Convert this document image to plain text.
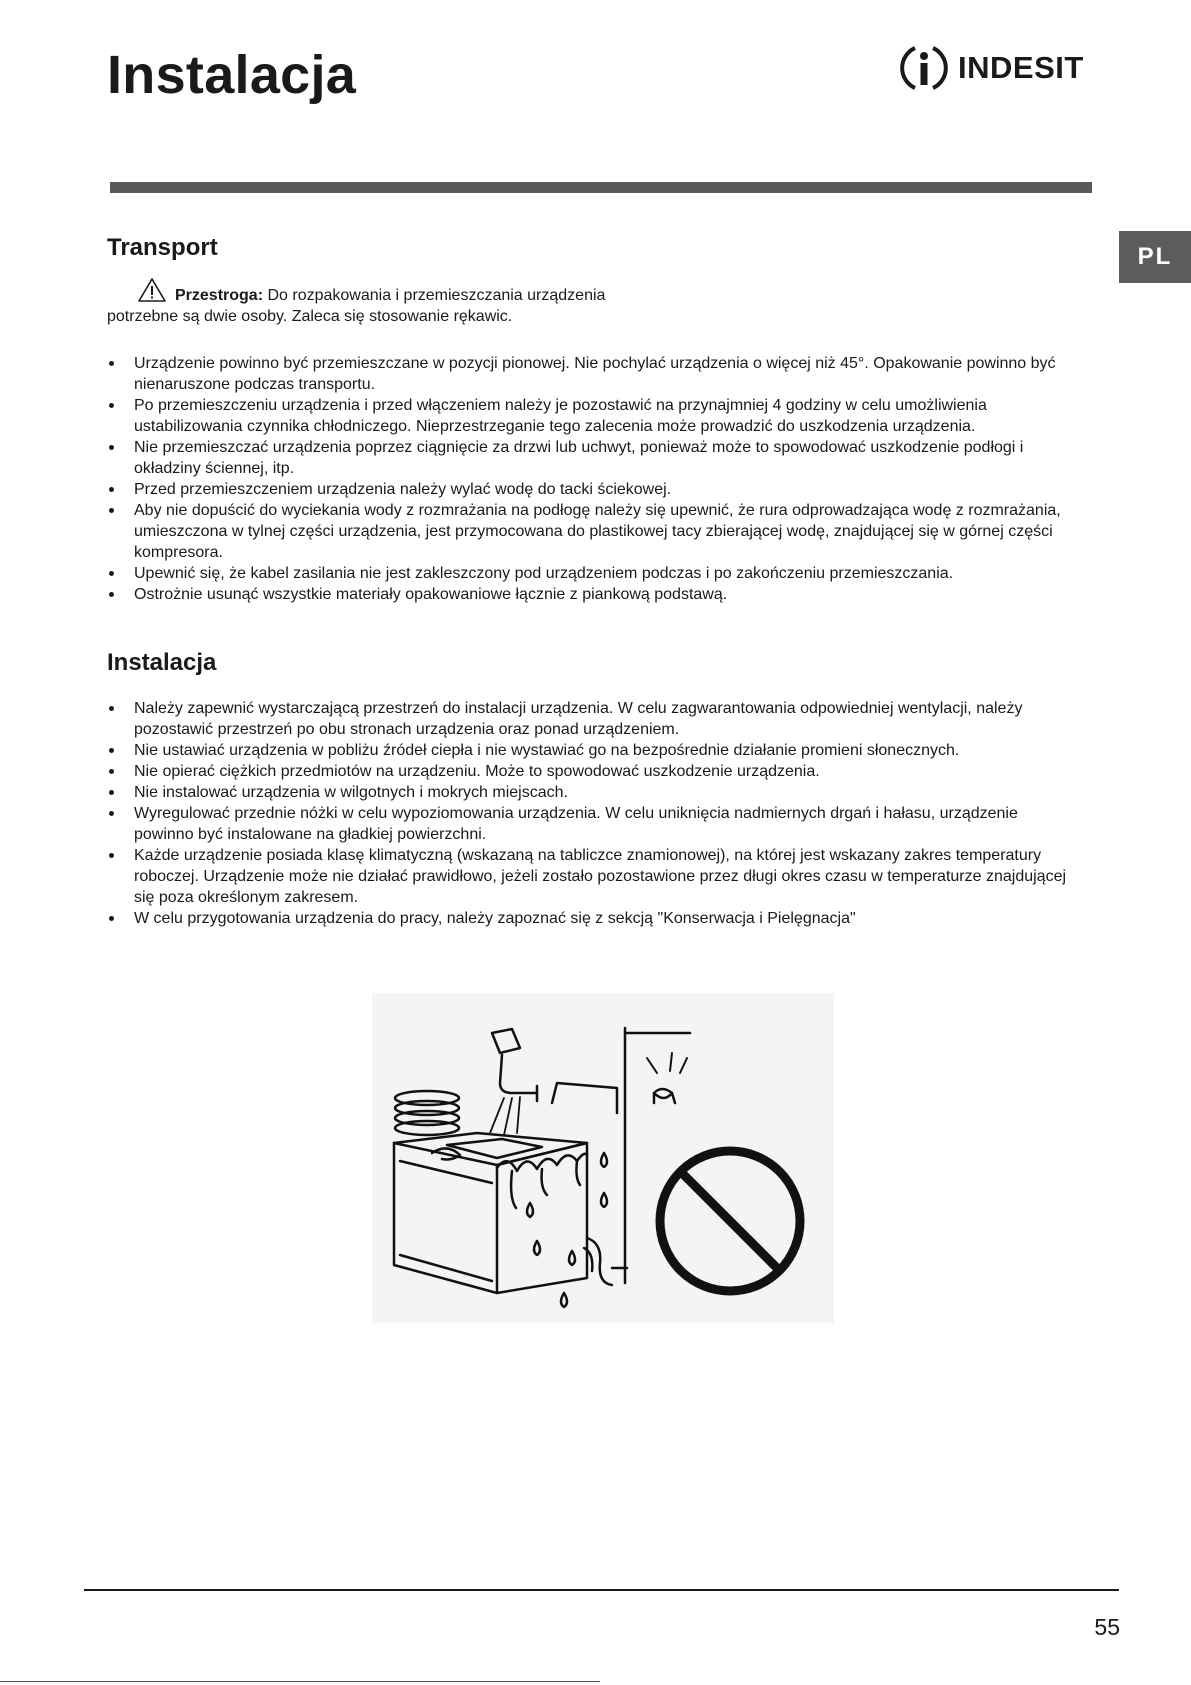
Instalacja	INDESIT
PL
Transport

Przestroga: Do rozpakowania i przemieszczania urządzenia
potrzebne są dwie osoby. Zaleca się stosowanie rękawic.

Urządzenie powinno być przemieszczane w pozycji pionowej. Nie pochylać urządzenia o więcej niż 45°. Opakowanie powinno być nienaruszone podczas transportu.
Po przemieszczeniu urządzenia i przed włączeniem należy je pozostawić na przynajmniej 4 godziny w celu umożliwienia ustabilizowania czynnika chłodniczego. Nieprzestrzeganie tego zalecenia może prowadzić do uszkodzenia urządzenia.
Nie przemieszczać urządzenia poprzez ciągnięcie za drzwi lub uchwyt, ponieważ może to spowodować uszkodzenie podłogi i okładziny ściennej, itp.
Przed przemieszczeniem urządzenia należy wylać wodę do tacki ściekowej.
Aby nie dopuścić do wyciekania wody z rozmrażania na podłogę należy się upewnić, że rura odprowadzająca wodę z rozmrażania, umieszczona w tylnej części urządzenia, jest przymocowana do plastikowej tacy zbierającej wodę, znajdującej się w górnej części kompresora.
Upewnić się, że kabel zasilania nie jest zakleszczony pod urządzeniem podczas i po zakończeniu przemieszczania.
Ostrożnie usunąć wszystkie materiały opakowaniowe łącznie z piankową podstawą.
Instalacja
Należy zapewnić wystarczającą przestrzeń do instalacji urządzenia. W celu zagwarantowania odpowiedniej wentylacji, należy pozostawić przestrzeń po obu stronach urządzenia oraz ponad urządzeniem.
Nie ustawiać urządzenia w pobliżu źródeł ciepła i nie wystawiać go na bezpośrednie działanie promieni słonecznych.
Nie opierać ciężkich przedmiotów na urządzeniu. Może to spowodować uszkodzenie urządzenia.
Nie instalować urządzenia w wilgotnych i mokrych miejscach.
Wyregulować przednie nóżki w celu wypoziomowania urządzenia. W celu uniknięcia nadmiernych drgań i hałasu, urządzenie powinno być instalowane na gładkiej powierzchni.
Każde urządzenie posiada klasę klimatyczną (wskazaną na tabliczce znamionowej), na której jest wskazany zakres temperatury roboczej. Urządzenie może nie działać prawidłowo, jeżeli zostało pozostawione przez długi okres czasu w temperaturze znajdującej się poza określonym zakresem.
W celu przygotowania urządzenia do pracy, należy zapoznać się z sekcją "Konserwacja i Pielęgnacja"
55
